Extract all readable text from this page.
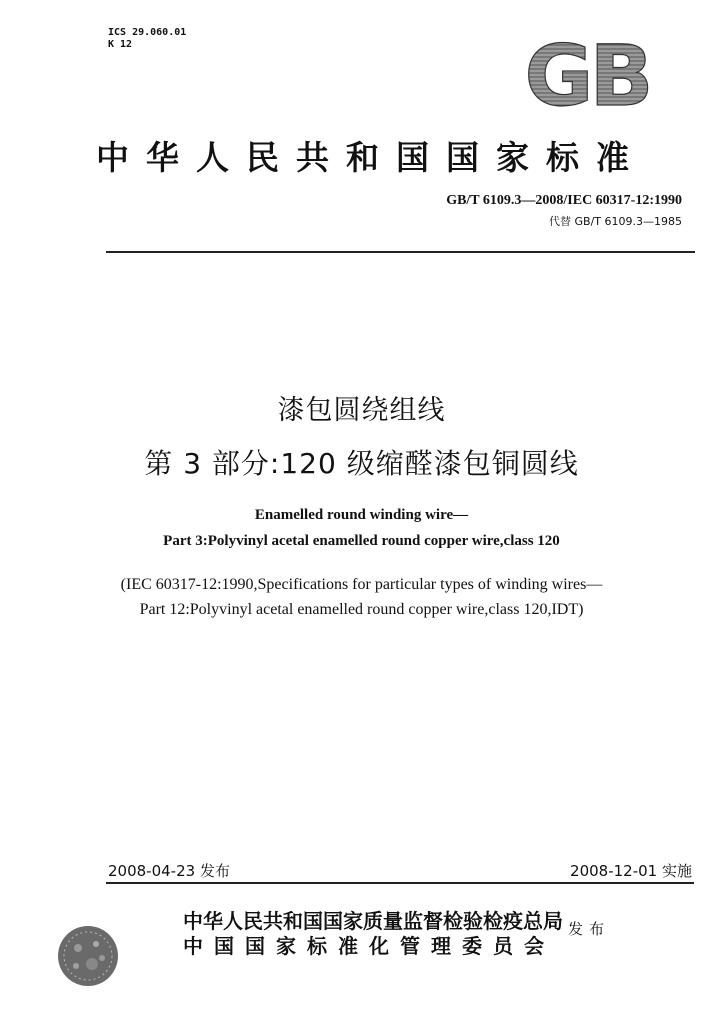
ICS 29.060.01
K 12	GB
中华人民共和国国家标准
GB/T 6109.3—2008/IEC 60317-12:1990
代替 GB/T 6109.3—1985
漆包圆绕组线
第 3 部分:120 级缩醛漆包铜圆线
Enamelled round winding wire—
Part 3:Polyvinyl acetal enamelled round copper wire,class 120
(IEC 60317-12:1990,Specifications for particular types of winding wires—
Part 12:Polyvinyl acetal enamelled round copper wire,class 120,IDT)
2008-04-23 发布	2008-12-01 实施
中华人民共和国国家质量监督检验检疫总局
中国国家标准化管理委员会
发布
